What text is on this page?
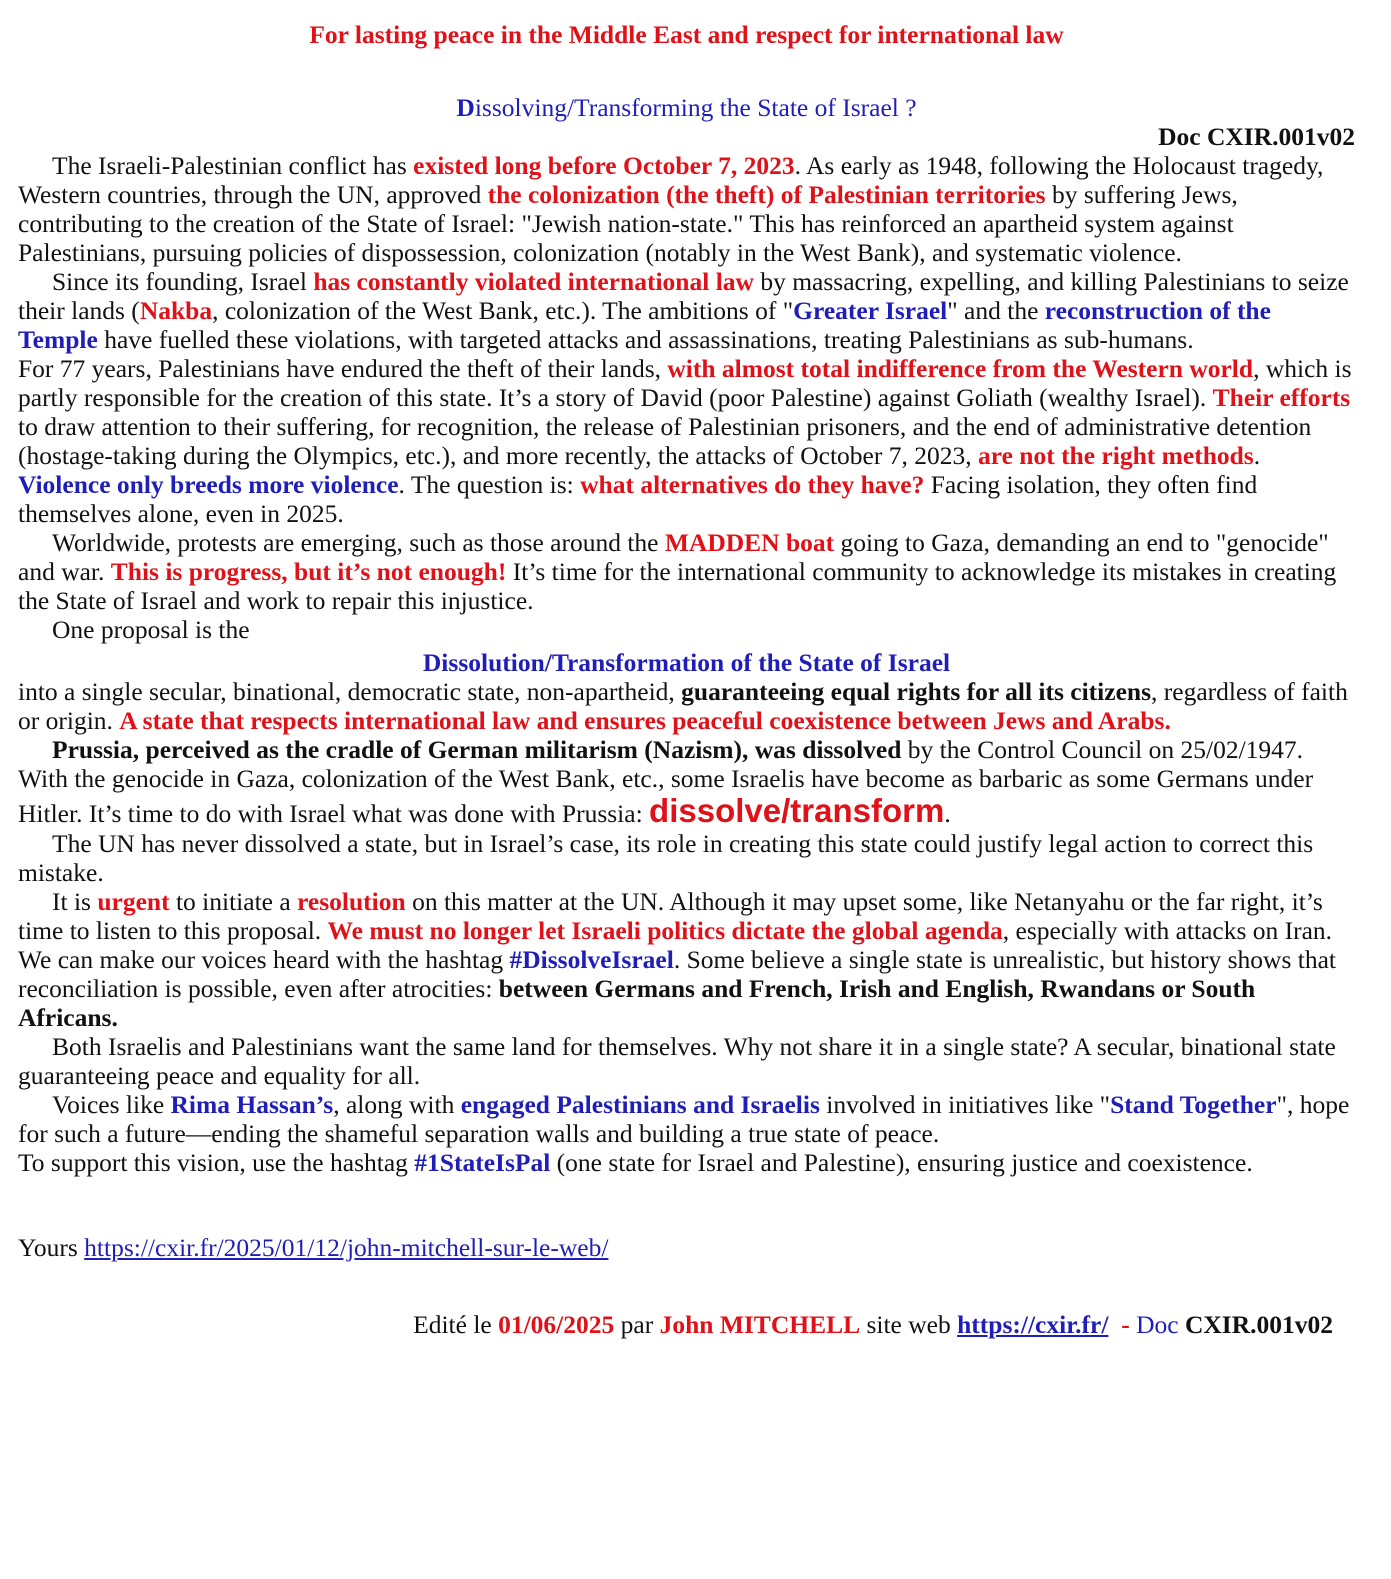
For lasting peace in the Middle East and respect for international law

Dissolving/Transforming the State of Israel ?

Doc CXIR.001v02

The Israeli-Palestinian conflict has existed long before October 7, 2023. As early as 1948, following the Holocaust tragedy, Western countries, through the UN, approved the colonization (the theft) of Palestinian territories by suffering Jews, contributing to the creation of the State of Israel: "Jewish nation-state." This has reinforced an apartheid system against Palestinians, pursuing policies of dispossession, colonization (notably in the West Bank), and systematic violence.

Since its founding, Israel has constantly violated international law by massacring, expelling, and killing Palestinians to seize their lands (Nakba, colonization of the West Bank, etc.). The ambitions of "Greater Israel" and the reconstruction of the Temple have fuelled these violations, with targeted attacks and assassinations, treating Palestinians as sub-humans.

For 77 years, Palestinians have endured the theft of their lands, with almost total indifference from the Western world, which is partly responsible for the creation of this state. It’s a story of David (poor Palestine) against Goliath (wealthy Israel). Their efforts to draw attention to their suffering, for recognition, the release of Palestinian prisoners, and the end of administrative detention (hostage-taking during the Olympics, etc.), and more recently, the attacks of October 7, 2023, are not the right methods. Violence only breeds more violence. The question is: what alternatives do they have? Facing isolation, they often find themselves alone, even in 2025.

Worldwide, protests are emerging, such as those around the MADDEN boat going to Gaza, demanding an end to "genocide" and war. This is progress, but it’s not enough! It’s time for the international community to acknowledge its mistakes in creating the State of Israel and work to repair this injustice.

One proposal is the

Dissolution/Transformation of the State of Israel

into a single secular, binational, democratic state, non-apartheid, guaranteeing equal rights for all its citizens, regardless of faith or origin. A state that respects international law and ensures peaceful coexistence between Jews and Arabs.

Prussia, perceived as the cradle of German militarism (Nazism), was dissolved by the Control Council on 25/02/1947. With the genocide in Gaza, colonization of the West Bank, etc., some Israelis have become as barbaric as some Germans under Hitler. It’s time to do with Israel what was done with Prussia: dissolve/transform.

The UN has never dissolved a state, but in Israel’s case, its role in creating this state could justify legal action to correct this mistake.

It is urgent to initiate a resolution on this matter at the UN. Although it may upset some, like Netanyahu or the far right, it’s time to listen to this proposal. We must no longer let Israeli politics dictate the global agenda, especially with attacks on Iran.

We can make our voices heard with the hashtag #DissolveIsrael. Some believe a single state is unrealistic, but history shows that reconciliation is possible, even after atrocities: between Germans and French, Irish and English, Rwandans or South Africans.

Both Israelis and Palestinians want the same land for themselves. Why not share it in a single state? A secular, binational state guaranteeing peace and equality for all.

Voices like Rima Hassan’s, along with engaged Palestinians and Israelis involved in initiatives like "Stand Together", hope for such a future—ending the shameful separation walls and building a true state of peace.

To support this vision, use the hashtag #1StateIsPal (one state for Israel and Palestine), ensuring justice and coexistence.

Yours https://cxir.fr/2025/01/12/john-mitchell-sur-le-web/

Edité le 01/06/2025 par John MITCHELL site web https://cxir.fr/  - Doc CXIR.001v02
